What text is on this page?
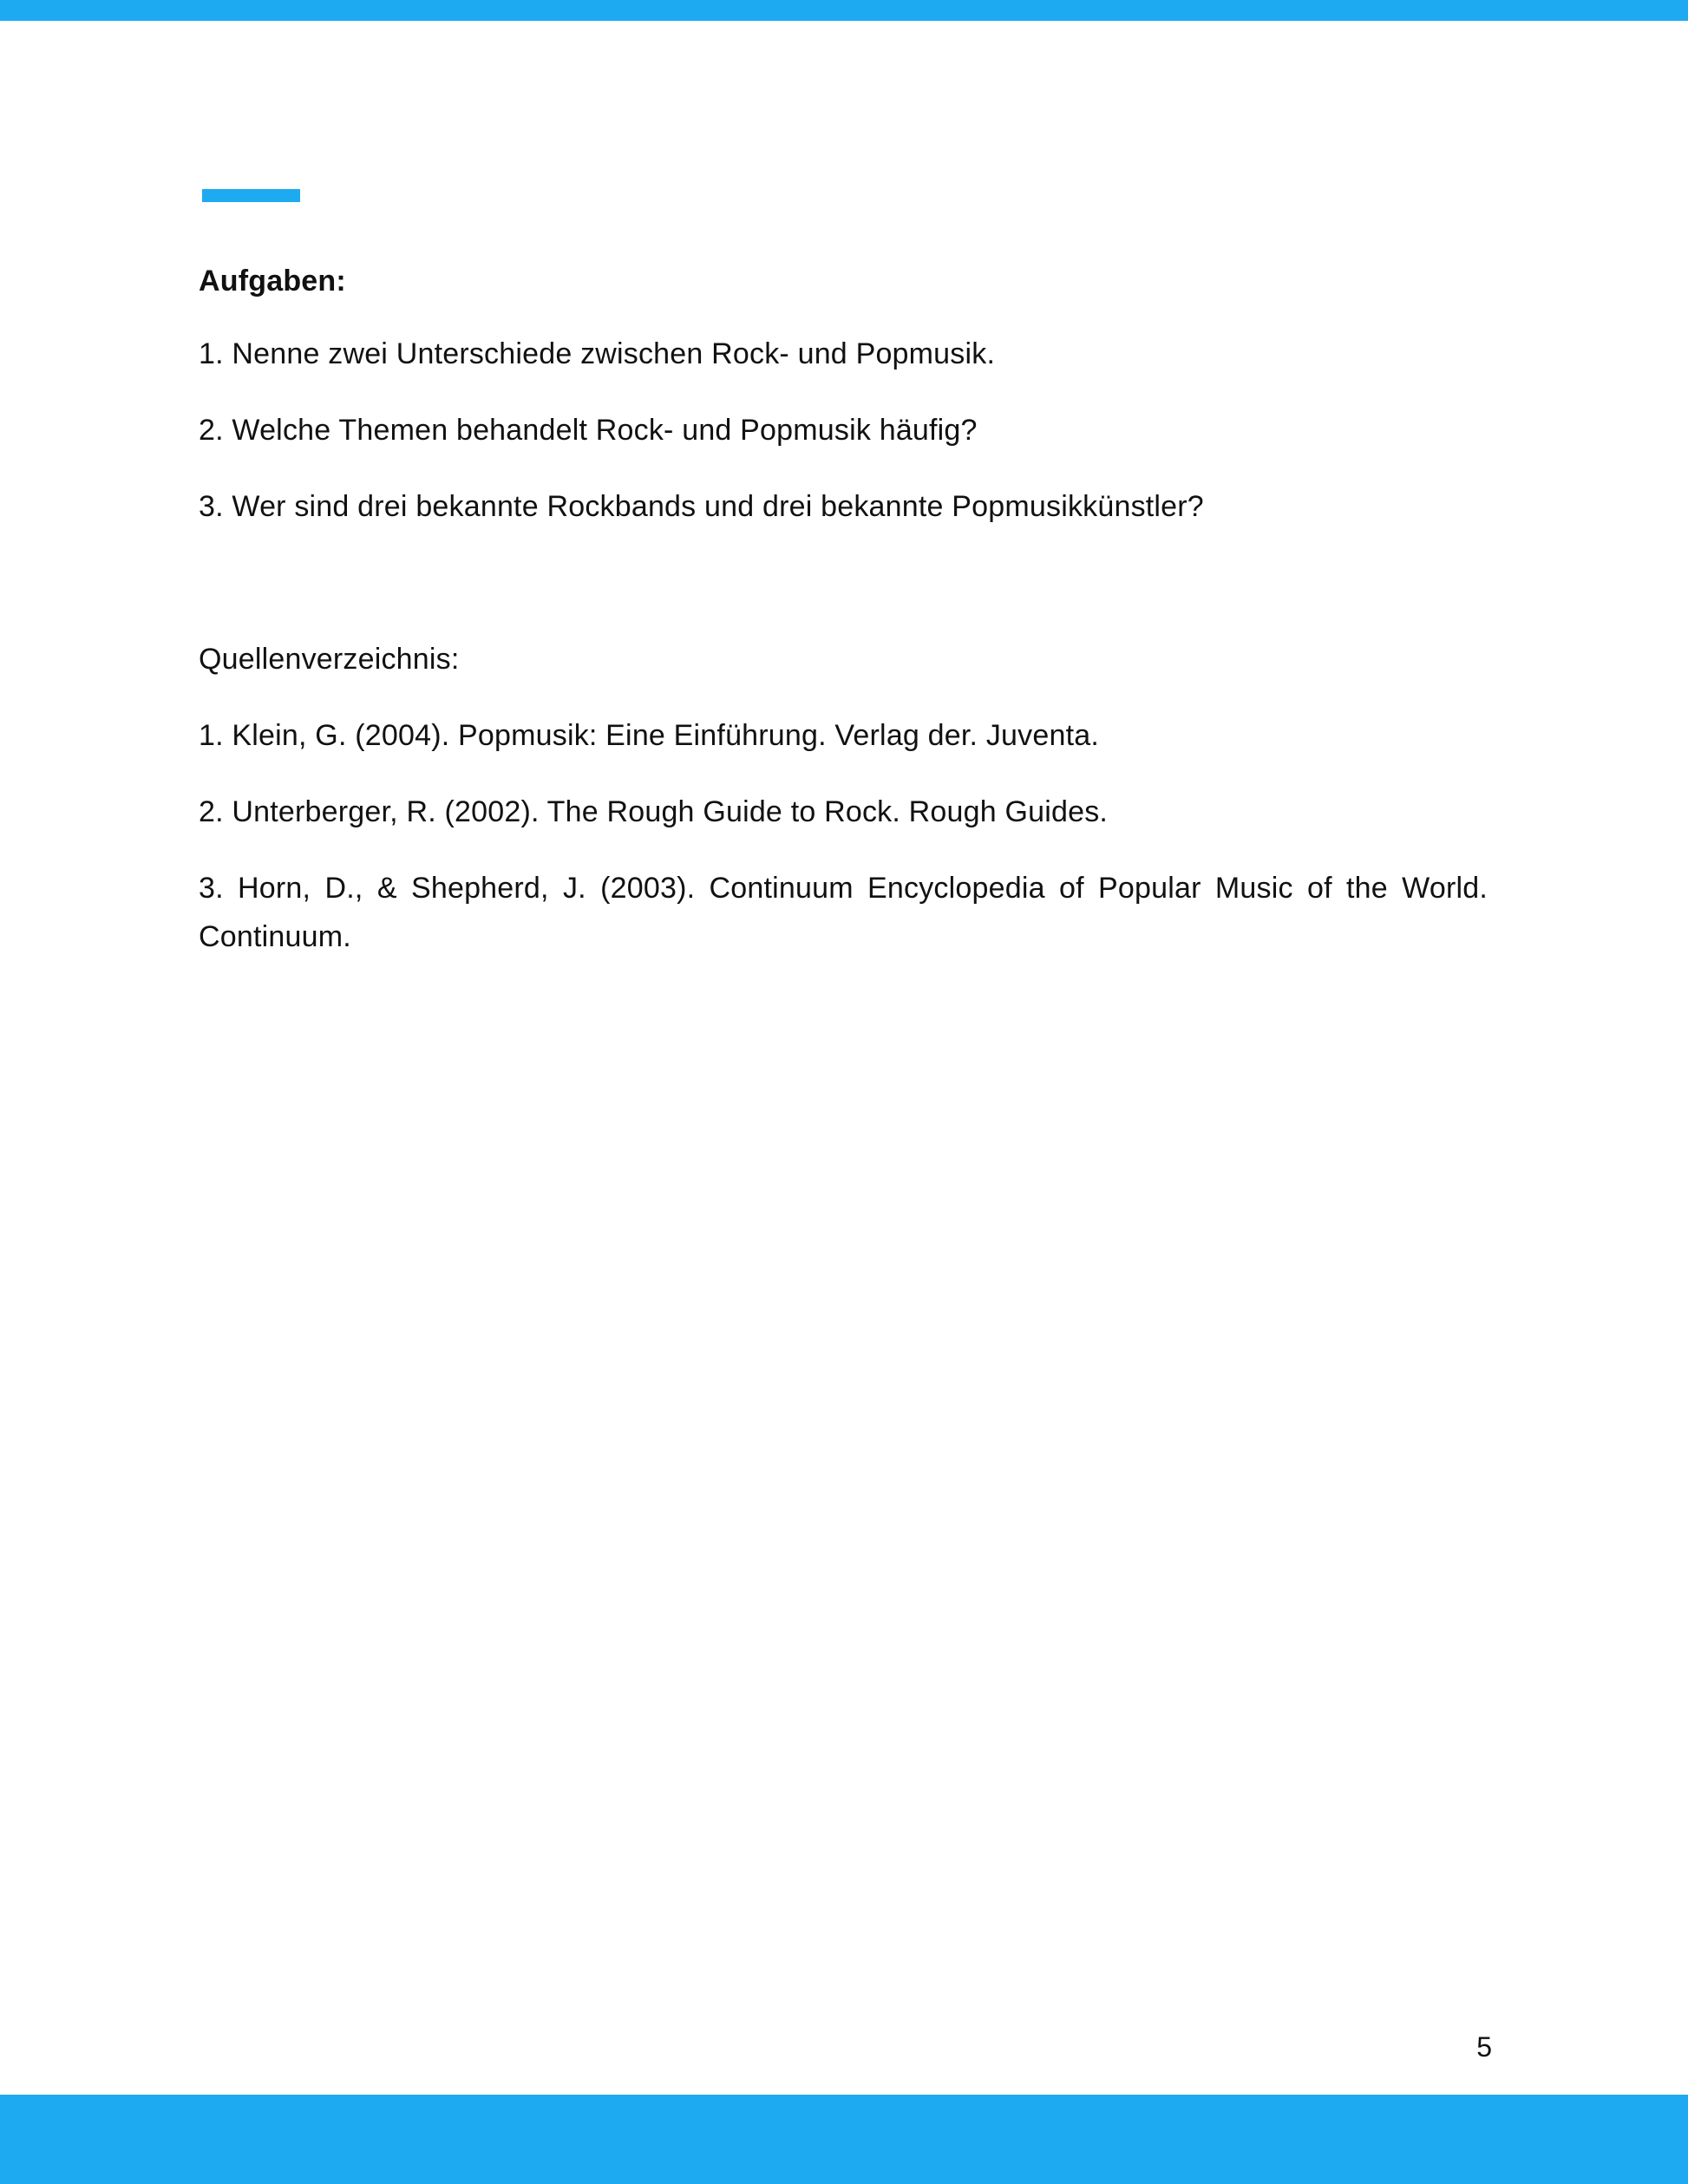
Aufgaben:

1. Nenne zwei Unterschiede zwischen Rock- und Popmusik.

2. Welche Themen behandelt Rock- und Popmusik häufig?

3. Wer sind drei bekannte Rockbands und drei bekannte Popmusikkünstler?

Quellenverzeichnis:

1. Klein, G. (2004). Popmusik: Eine Einführung. Verlag der. Juventa.

2. Unterberger, R. (2002). The Rough Guide to Rock. Rough Guides.

3. Horn, D., & Shepherd, J. (2003). Continuum Encyclopedia of Popular Music of the World. Continuum.

5
